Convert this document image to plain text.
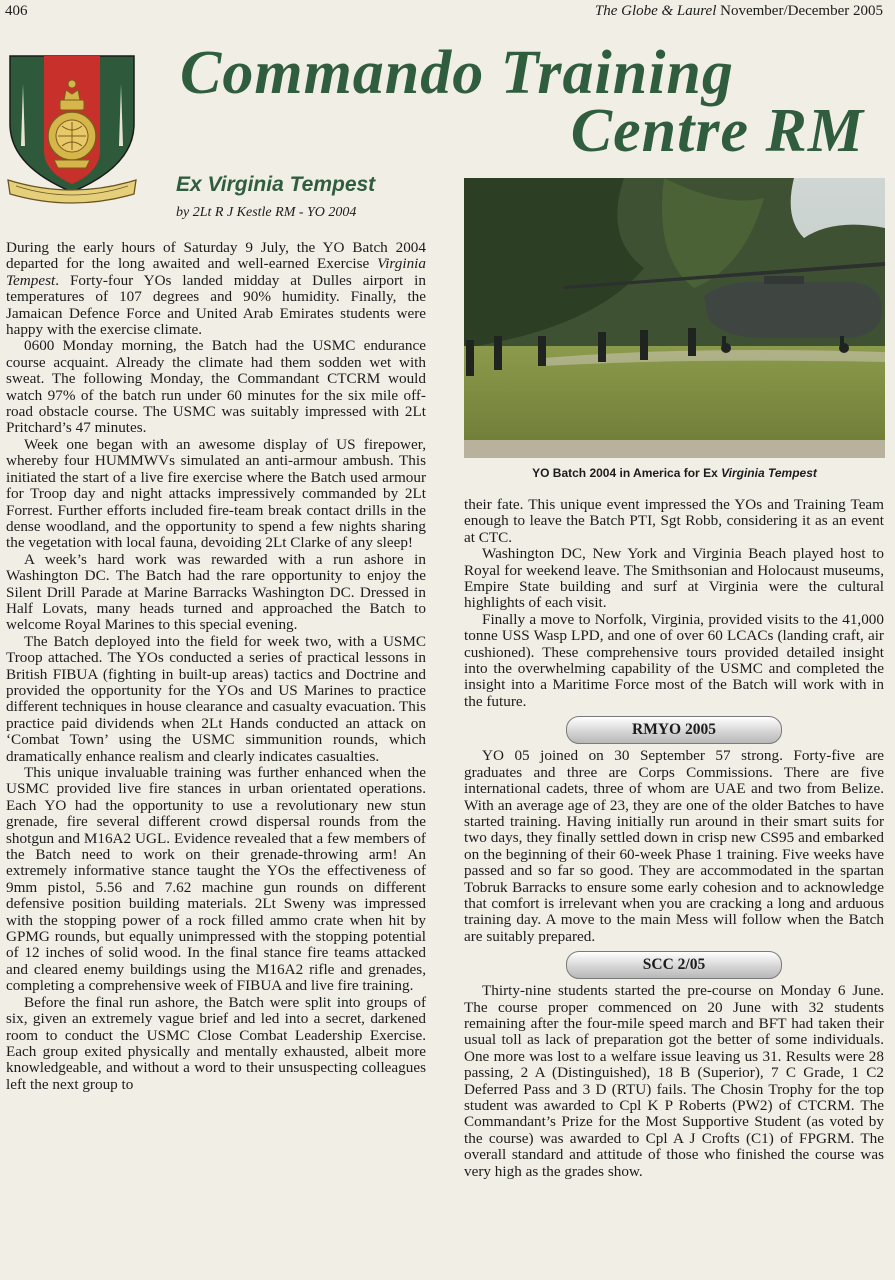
406	The Globe & Laurel November/December 2005
Commando Training
Centre RM
Ex Virginia Tempest
by 2Lt R J Kestle RM - YO 2004

During the early hours of Saturday 9 July, the YO Batch 2004 departed for the long awaited and well-earned Exercise Virginia Tempest. Forty-four YOs landed midday at Dulles airport in temperatures of 107 degrees and 90% humidity. Finally, the Jamaican Defence Force and United Arab Emirates students were happy with the exercise climate.

0600 Monday morning, the Batch had the USMC endurance course acquaint. Already the climate had them sodden wet with sweat. The following Monday, the Commandant CTCRM would watch 97% of the batch run under 60 minutes for the six mile off-road obstacle course. The USMC was suitably impressed with 2Lt Pritchard’s 47 minutes.

Week one began with an awesome display of US firepower, whereby four HUMMWVs simulated an anti-armour ambush. This initiated the start of a live fire exercise where the Batch used armour for Troop day and night attacks impressively commanded by 2Lt Forrest. Further efforts included fire-team break contact drills in the dense woodland, and the opportunity to spend a few nights sharing the vegetation with local fauna, devoiding 2Lt Clarke of any sleep!

A week’s hard work was rewarded with a run ashore in Washington DC. The Batch had the rare opportunity to enjoy the Silent Drill Parade at Marine Barracks Washington DC. Dressed in Half Lovats, many heads turned and approached the Batch to welcome Royal Marines to this special evening.

The Batch deployed into the field for week two, with a USMC Troop attached. The YOs conducted a series of practical lessons in British FIBUA (fighting in built-up areas) tactics and Doctrine and provided the opportunity for the YOs and US Marines to practice different techniques in house clearance and casualty evacuation. This practice paid dividends when 2Lt Hands conducted an attack on ‘Combat Town’ using the USMC simmunition rounds, which dramatically enhance realism and clearly indicates casualties.

This unique invaluable training was further enhanced when the USMC provided live fire stances in urban orientated operations. Each YO had the opportunity to use a revolutionary new stun grenade, fire several different crowd dispersal rounds from the shotgun and M16A2 UGL. Evidence revealed that a few members of the Batch need to work on their grenade-throwing arm! An extremely informative stance taught the YOs the effectiveness of 9mm pistol, 5.56 and 7.62 machine gun rounds on different defensive position building materials. 2Lt Sweny was impressed with the stopping power of a rock filled ammo crate when hit by GPMG rounds, but equally unimpressed with the stopping potential of 12 inches of solid wood. In the final stance fire teams attacked and cleared enemy buildings using the M16A2 rifle and grenades, completing a comprehensive week of FIBUA and live fire training.

Before the final run ashore, the Batch were split into groups of six, given an extremely vague brief and led into a secret, darkened room to conduct the USMC Close Combat Leadership Exercise. Each group exited physically and mentally exhausted, albeit more knowledgeable, and without a word to their unsuspecting colleagues left the next group to

YO Batch 2004 in America for Ex Virginia Tempest

their fate. This unique event impressed the YOs and Training Team enough to leave the Batch PTI, Sgt Robb, considering it as an event at CTC.

Washington DC, New York and Virginia Beach played host to Royal for weekend leave. The Smithsonian and Holocaust museums, Empire State building and surf at Virginia were the cultural highlights of each visit.

Finally a move to Norfolk, Virginia, provided visits to the 41,000 tonne USS Wasp LPD, and one of over 60 LCACs (landing craft, air cushioned). These comprehensive tours provided detailed insight into the overwhelming capability of the USMC and completed the insight into a Maritime Force most of the Batch will work with in the future.

RMYO 2005

YO 05 joined on 30 September 57 strong. Forty-five are graduates and three are Corps Commissions. There are five international cadets, three of whom are UAE and two from Belize. With an average age of 23, they are one of the older Batches to have started training. Having initially run around in their smart suits for two days, they finally settled down in crisp new CS95 and embarked on the beginning of their 60-week Phase 1 training. Five weeks have passed and so far so good. They are accommodated in the spartan Tobruk Barracks to ensure some early cohesion and to acknowledge that comfort is irrelevant when you are cracking a long and arduous training day. A move to the main Mess will follow when the Batch are suitably prepared.

SCC 2/05

Thirty-nine students started the pre-course on Monday 6 June. The course proper commenced on 20 June with 32 students remaining after the four-mile speed march and BFT had taken their usual toll as lack of preparation got the better of some individuals. One more was lost to a welfare issue leaving us 31. Results were 28 passing, 2 A (Distinguished), 18 B (Superior), 7 C Grade, 1 C2 Deferred Pass and 3 D (RTU) fails. The Chosin Trophy for the top student was awarded to Cpl K P Roberts (PW2) of CTCRM. The Commandant’s Prize for the Most Supportive Student (as voted by the course) was awarded to Cpl A J Crofts (C1) of FPGRM. The overall standard and attitude of those who finished the course was very high as the grades show.
